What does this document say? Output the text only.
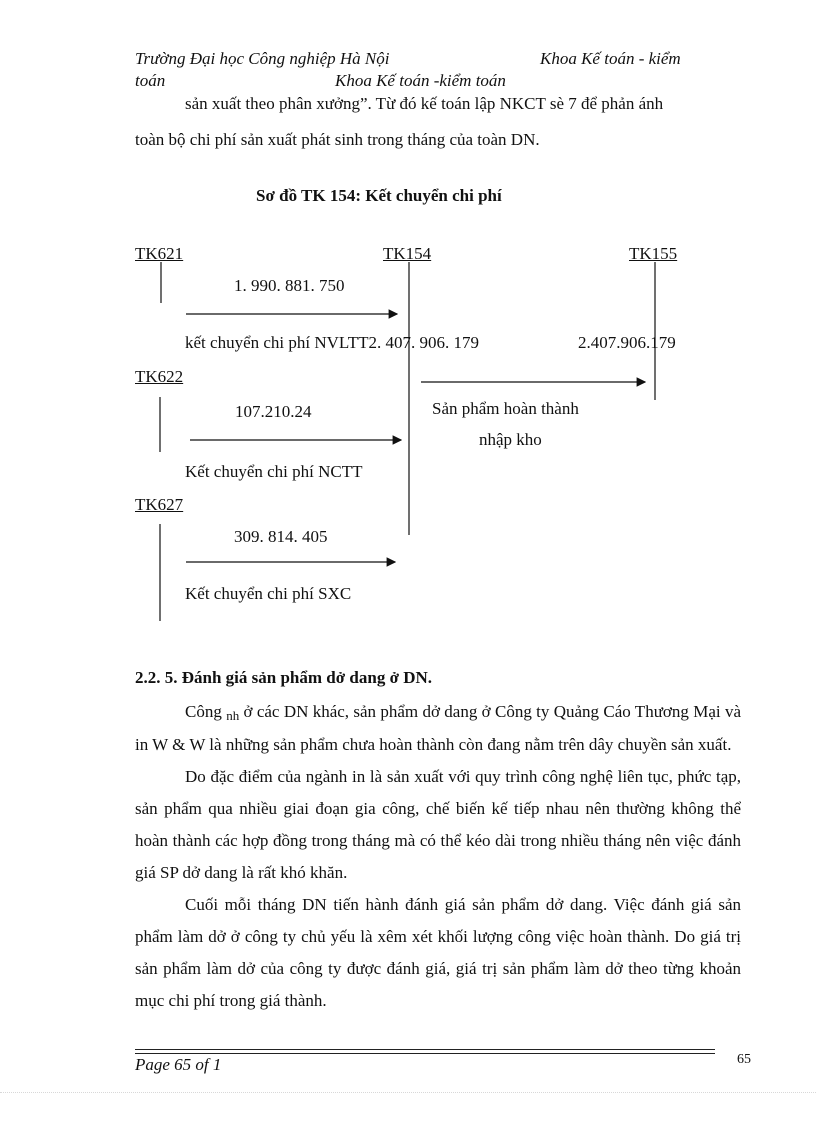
Trường Đại học Công nghiệp Hà Nội	Khoa Kế toán - kiểm
toán	Khoa Kế toán -kiểm toán
sản xuất theo phân xưởng”. Từ đó kế toán lập NKCT sè 7 để phản ánh
toàn bộ chi phí sản xuất phát sinh trong tháng của toàn DN.
Sơ đồ TK 154: Kết chuyển chi phí
TK621	TK154	TK155
1. 990. 881. 750
kết chuyển chi phí NVLTT2. 407. 906. 179	2.407.906.179
TK622
107.210.24	Sản phẩm hoàn thành
nhập kho
Kết chuyển chi phí NCTT
TK627
309. 814. 405
Kết chuyển chi phí SXC
2.2. 5. Đánh giá sản phẩm dở dang ở DN.

Công nh ở các DN khác, sản phẩm dở dang ở Công ty Quảng Cáo Thương Mại và in W & W là những sản phẩm chưa hoàn thành còn đang nằm trên dây chuyền sản xuất.

Do đặc điểm của ngành in là sản xuất với quy trình công nghệ liên tục, phức tạp, sản phẩm qua nhiều giai đoạn gia công, chế biến kế tiếp nhau nên thường không thể hoàn thành các hợp đồng trong tháng mà có thể kéo dài trong nhiều tháng nên việc đánh giá SP dở dang là rất khó khăn.

Cuối mỗi tháng DN tiến hành đánh giá sản phẩm dở dang. Việc đánh giá sản phẩm làm dở ở công ty chủ yếu là xêm xét khối lượng công việc hoàn thành. Do giá trị sản phẩm làm dở của công ty được đánh giá, giá trị sản phẩm làm dở theo từng khoản mục chi phí trong giá thành.

Page 65 of 1	65
